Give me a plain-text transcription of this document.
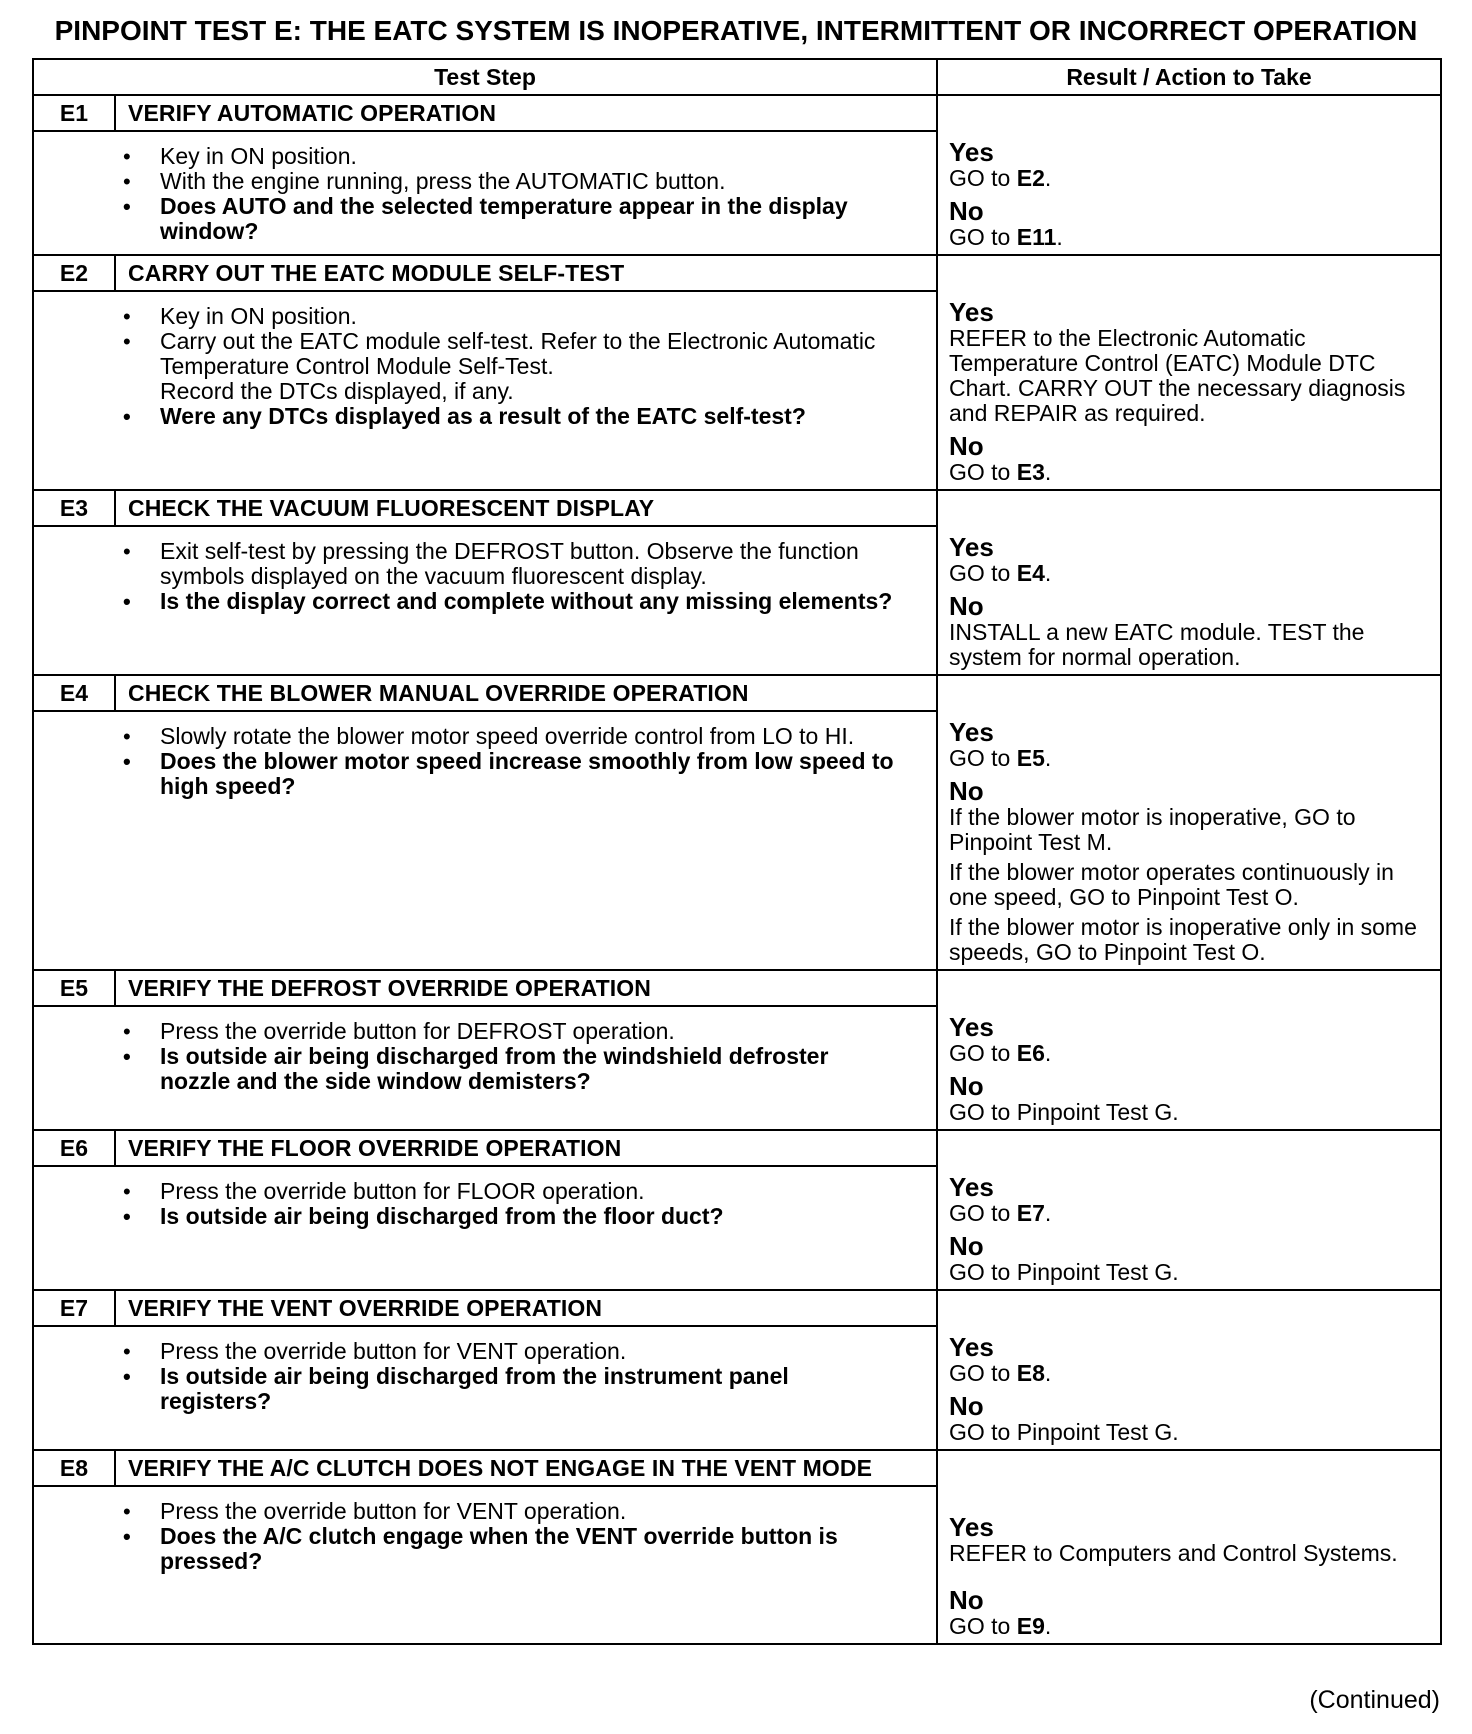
PINPOINT TEST E: THE EATC SYSTEM IS INOPERATIVE, INTERMITTENT OR INCORRECT OPERATION
Test Step	Result / Action to Take
E1	VERIFY AUTOMATIC OPERATION
• Key in ON position.
• With the engine running, press the AUTOMATIC button.
• Does AUTO and the selected temperature appear in the display window?
Yes
GO to E2.
No
GO to E11.
E2	CARRY OUT THE EATC MODULE SELF-TEST
• Key in ON position.
• Carry out the EATC module self-test. Refer to the Electronic Automatic Temperature Control Module Self-Test.
Record the DTCs displayed, if any.
• Were any DTCs displayed as a result of the EATC self-test?
Yes
REFER to the Electronic Automatic Temperature Control (EATC) Module DTC Chart. CARRY OUT the necessary diagnosis and REPAIR as required.
No
GO to E3.
E3	CHECK THE VACUUM FLUORESCENT DISPLAY
• Exit self-test by pressing the DEFROST button. Observe the function symbols displayed on the vacuum fluorescent display.
• Is the display correct and complete without any missing elements?
Yes
GO to E4.
No
INSTALL a new EATC module. TEST the system for normal operation.
E4	CHECK THE BLOWER MANUAL OVERRIDE OPERATION
• Slowly rotate the blower motor speed override control from LO to HI.
• Does the blower motor speed increase smoothly from low speed to high speed?
Yes
GO to E5.
No
If the blower motor is inoperative, GO to Pinpoint Test M.
If the blower motor operates continuously in one speed, GO to Pinpoint Test O.
If the blower motor is inoperative only in some speeds, GO to Pinpoint Test O.
E5	VERIFY THE DEFROST OVERRIDE OPERATION
• Press the override button for DEFROST operation.
• Is outside air being discharged from the windshield defroster nozzle and the side window demisters?
Yes
GO to E6.
No
GO to Pinpoint Test G.
E6	VERIFY THE FLOOR OVERRIDE OPERATION
• Press the override button for FLOOR operation.
• Is outside air being discharged from the floor duct?
Yes
GO to E7.
No
GO to Pinpoint Test G.
E7	VERIFY THE VENT OVERRIDE OPERATION
• Press the override button for VENT operation.
• Is outside air being discharged from the instrument panel registers?
Yes
GO to E8.
No
GO to Pinpoint Test G.
E8	VERIFY THE A/C CLUTCH DOES NOT ENGAGE IN THE VENT MODE
• Press the override button for VENT operation.
• Does the A/C clutch engage when the VENT override button is pressed?
Yes
REFER to Computers and Control Systems.
No
GO to E9.
(Continued)
